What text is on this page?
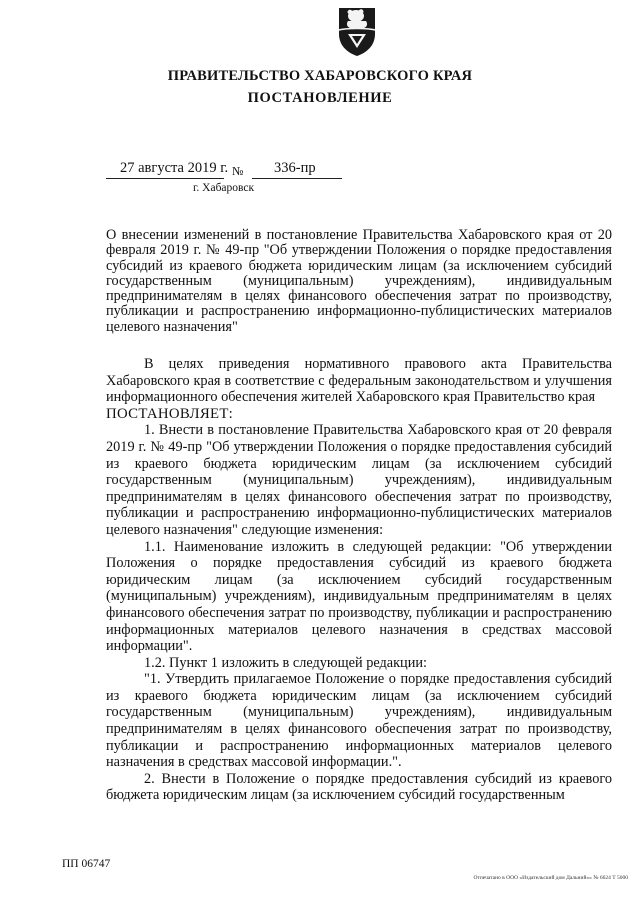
ПРАВИТЕЛЬСТВО ХАБАРОВСКОГО КРАЯ
ПОСТАНОВЛЕНИЕ
27 августа 2019 г. № 336-пр
г. Хабаровск
О внесении изменений в постановление Правительства Хабаровского края от 20 февраля 2019 г. № 49-пр "Об утверждении Положения о порядке предоставления субсидий из краевого бюджета юридическим лицам (за исключением субсидий государственным (муниципальным) учреждениям), индивидуальным предпринимателям в целях финансового обеспечения затрат по производству, публикации и распространению информационно-публицистических материалов целевого назначения"

В целях приведения нормативного правового акта Правительства Хабаровского края в соответствие с федеральным законодательством и улучшения информационного обеспечения жителей Хабаровского края Правительство края

ПОСТАНОВЛЯЕТ:

1. Внести в постановление Правительства Хабаровского края от 20 февраля 2019 г. № 49-пр "Об утверждении Положения о порядке предоставления субсидий из краевого бюджета юридическим лицам (за исключением субсидий государственным (муниципальным) учреждениям), индивидуальным предпринимателям в целях финансового обеспечения затрат по производству, публикации и распространению информационно-публицистических материалов целевого назначения" следующие изменения:

1.1. Наименование изложить в следующей редакции: "Об утверждении Положения о порядке предоставления субсидий из краевого бюджета юридическим лицам (за исключением субсидий государственным (муниципальным) учреждениям), индивидуальным предпринимателям в целях финансового обеспечения затрат по производству, публикации и распространению информационных материалов целевого назначения в средствах массовой информации".

1.2. Пункт 1 изложить в следующей редакции:

"1. Утвердить прилагаемое Положение о порядке предоставления субсидий из краевого бюджета юридическим лицам (за исключением субсидий государственным (муниципальным) учреждениям), индивидуальным предпринимателям в целях финансового обеспечения затрат по производству, публикации и распространению информационных материалов целевого назначения в средствах массовой информации.".

2. Внести в Положение о порядке предоставления субсидий из краевого бюджета юридическим лицам (за исключением субсидий государственным

ПП 06747
Отпечатано в ООО «Издательский дом Дальний»» № 6624 Т 5000
